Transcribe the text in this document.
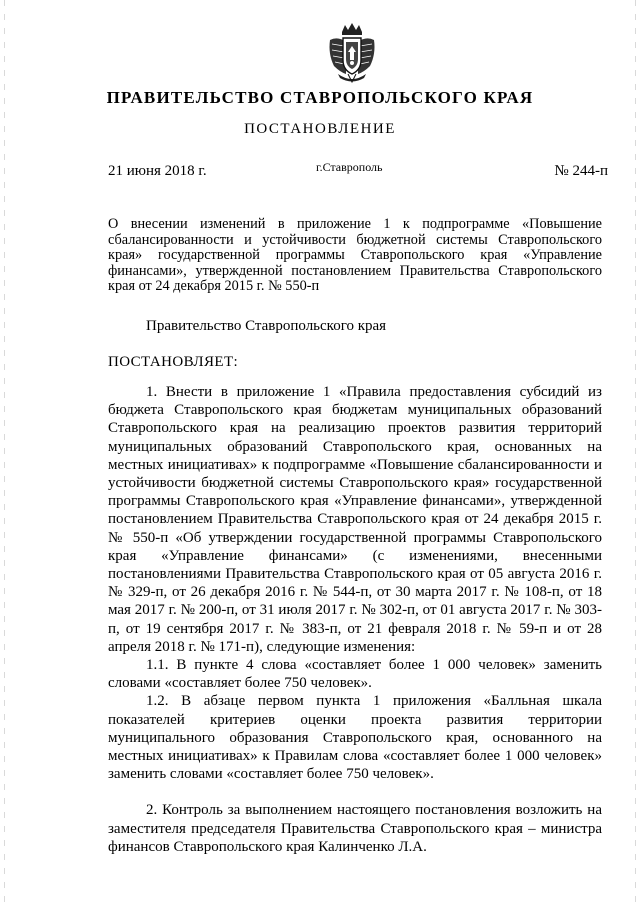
ПРАВИТЕЛЬСТВО СТАВРОПОЛЬСКОГО КРАЯ
ПОСТАНОВЛЕНИЕ
21 июня 2018 г.	г.Ставрополь	№ 244-п
О внесении изменений в приложение 1 к подпрограмме «Повышение сбалансированности и устойчивости бюджетной системы Ставропольского края» государственной программы Ставропольского края «Управление финансами», утвержденной постановлением Правительства Ставропольского края от 24 декабря 2015 г. № 550-п
Правительство Ставропольского края
ПОСТАНОВЛЯЕТ:

1. Внести в приложение 1 «Правила предоставления субсидий из бюджета Ставропольского края бюджетам муниципальных образований Ставропольского края на реализацию проектов развития территорий муниципальных образований Ставропольского края, основанных на местных инициативах» к подпрограмме «Повышение сбалансированности и устойчивости бюджетной системы Ставропольского края» государственной программы Ставропольского края «Управление финансами», утвержденной постановлением Правительства Ставропольского края от 24 декабря 2015 г. № 550-п «Об утверждении государственной программы Ставропольского края «Управление финансами» (с изменениями, внесенными постановлениями Правительства Ставропольского края от 05 августа 2016 г. № 329-п, от 26 декабря 2016 г. № 544-п, от 30 марта 2017 г. № 108-п, от 18 мая 2017 г. № 200-п, от 31 июля 2017 г. № 302-п, от 01 августа 2017 г. № 303-п, от 19 сентября 2017 г. № 383-п, от 21 февраля 2018 г. № 59-п и от 28 апреля 2018 г. № 171-п), следующие изменения:

1.1. В пункте 4 слова «составляет более 1 000 человек» заменить словами «составляет более 750 человек».

1.2. В абзаце первом пункта 1 приложения «Балльная шкала показателей критериев оценки проекта развития территории муниципального образования Ставропольского края, основанного на местных инициативах» к Правилам слова «составляет более 1 000 человек» заменить словами «составляет более 750 человек».

2. Контроль за выполнением настоящего постановления возложить на заместителя председателя Правительства Ставропольского края – министра финансов Ставропольского края Калинченко Л.А.
